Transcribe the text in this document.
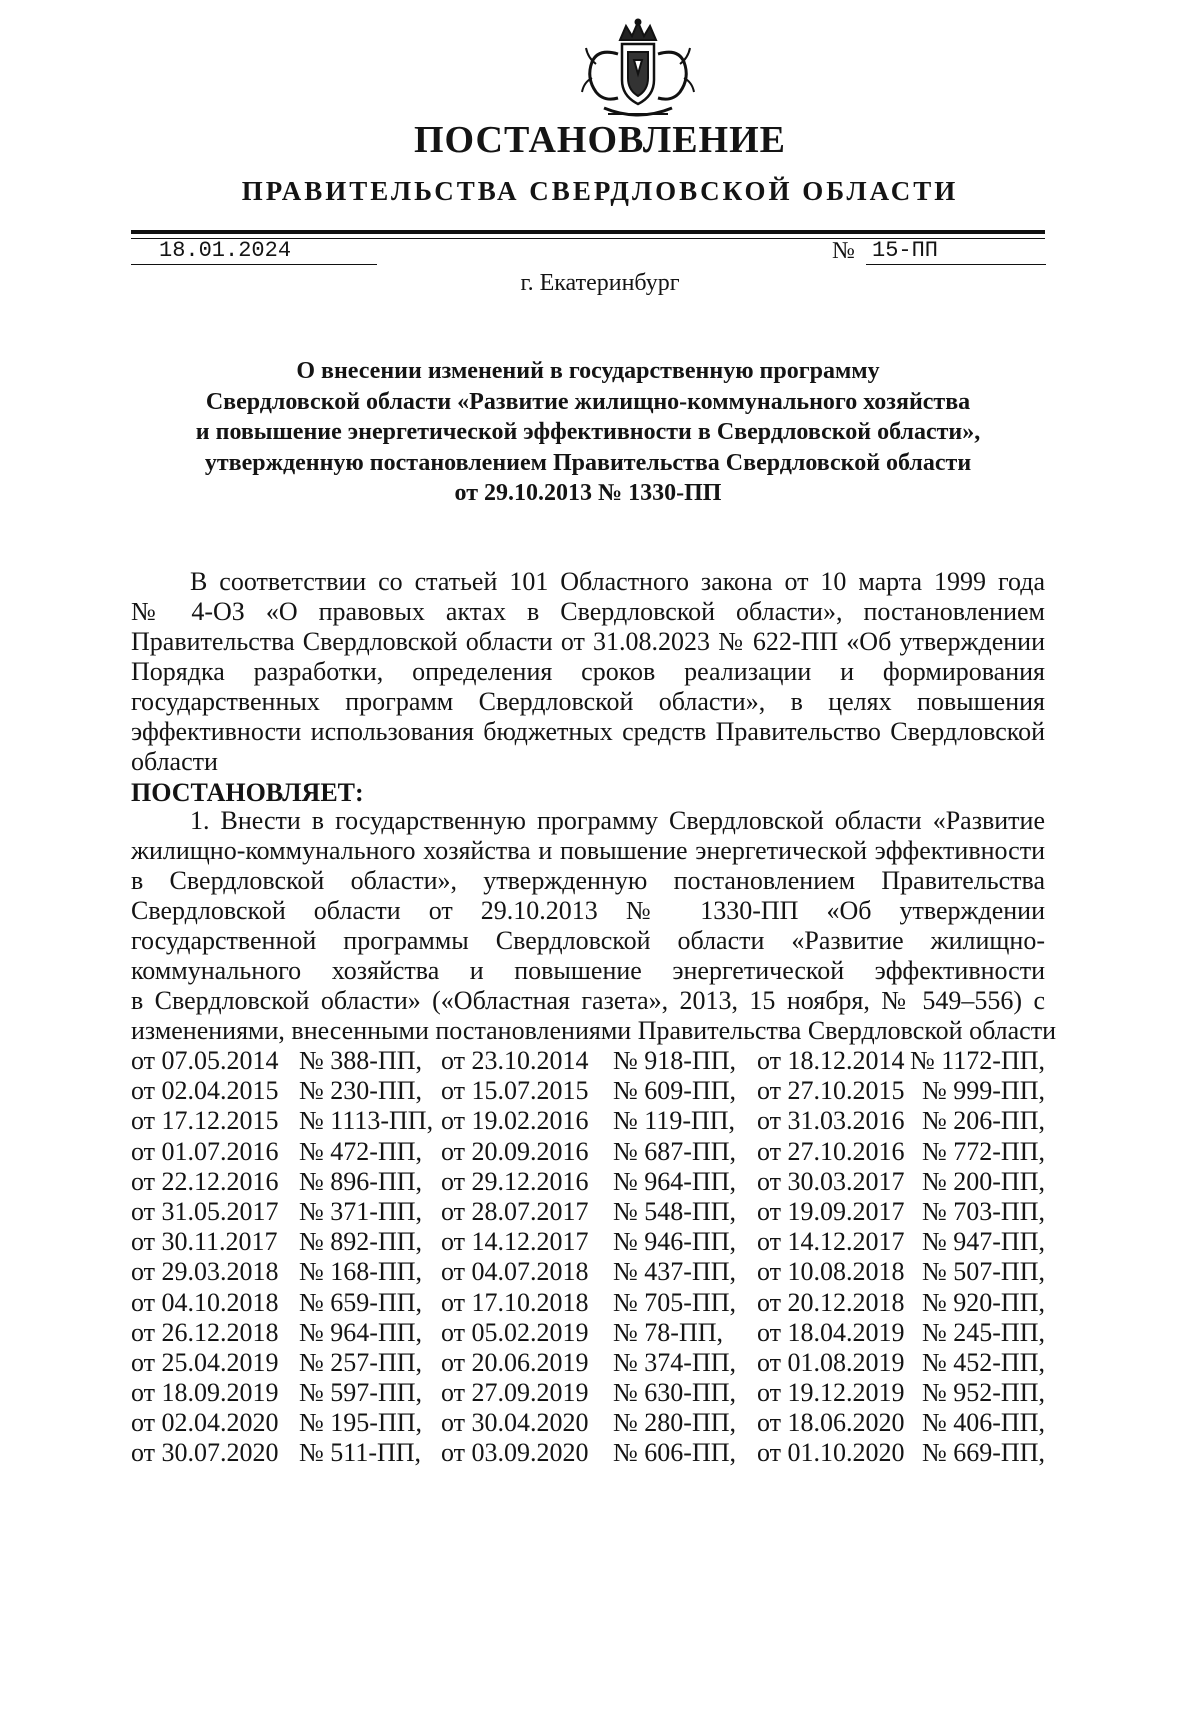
ПОСТАНОВЛЕНИЕ
ПРАВИТЕЛЬСТВА СВЕРДЛОВСКОЙ ОБЛАСТИ
18.01.2024	№ 15-ПП
г. Екатеринбург
О внесении изменений в государственную программу
Свердловской области «Развитие жилищно-коммунального хозяйства
и повышение энергетической эффективности в Свердловской области»,
утвержденную постановлением Правительства Свердловской области
от 29.10.2013 № 1330-ПП
В соответствии со статьей 101 Областного закона от 10 марта 1999 года
№ 4-ОЗ «О правовых актах в Свердловской области», постановлением
Правительства Свердловской области от 31.08.2023 № 622-ПП «Об утверждении
Порядка разработки, определения сроков реализации и формирования
государственных программ Свердловской области», в целях повышения
эффективности использования бюджетных средств Правительство Свердловской
области
ПОСТАНОВЛЯЕТ:
1. Внести в государственную программу Свердловской области «Развитие
жилищно-коммунального хозяйства и повышение энергетической эффективности
в Свердловской области», утвержденную постановлением Правительства
Свердловской области от 29.10.2013 № 1330-ПП «Об утверждении
государственной программы Свердловской области «Развитие жилищно-
коммунального хозяйства и повышение энергетической эффективности
в Свердловской области» («Областная газета», 2013, 15 ноября, № 549–556) с
изменениями, внесенными постановлениями Правительства Свердловской области
от 07.05.2014 № 388-ПП, от 23.10.2014 № 918-ПП, от 18.12.2014 № 1172-ПП,
от 02.04.2015 № 230-ПП, от 15.07.2015 № 609-ПП, от 27.10.2015 № 999-ПП,
от 17.12.2015 № 1113-ПП, от 19.02.2016 № 119-ПП, от 31.03.2016 № 206-ПП,
от 01.07.2016 № 472-ПП, от 20.09.2016 № 687-ПП, от 27.10.2016 № 772-ПП,
от 22.12.2016 № 896-ПП, от 29.12.2016 № 964-ПП, от 30.03.2017 № 200-ПП,
от 31.05.2017 № 371-ПП, от 28.07.2017 № 548-ПП, от 19.09.2017 № 703-ПП,
от 30.11.2017 № 892-ПП, от 14.12.2017 № 946-ПП, от 14.12.2017 № 947-ПП,
от 29.03.2018 № 168-ПП, от 04.07.2018 № 437-ПП, от 10.08.2018 № 507-ПП,
от 04.10.2018 № 659-ПП, от 17.10.2018 № 705-ПП, от 20.12.2018 № 920-ПП,
от 26.12.2018 № 964-ПП, от 05.02.2019 № 78-ПП, от 18.04.2019 № 245-ПП,
от 25.04.2019 № 257-ПП, от 20.06.2019 № 374-ПП, от 01.08.2019 № 452-ПП,
от 18.09.2019 № 597-ПП, от 27.09.2019 № 630-ПП, от 19.12.2019 № 952-ПП,
от 02.04.2020 № 195-ПП, от 30.04.2020 № 280-ПП, от 18.06.2020 № 406-ПП,
от 30.07.2020 № 511-ПП, от 03.09.2020 № 606-ПП, от 01.10.2020 № 669-ПП,
